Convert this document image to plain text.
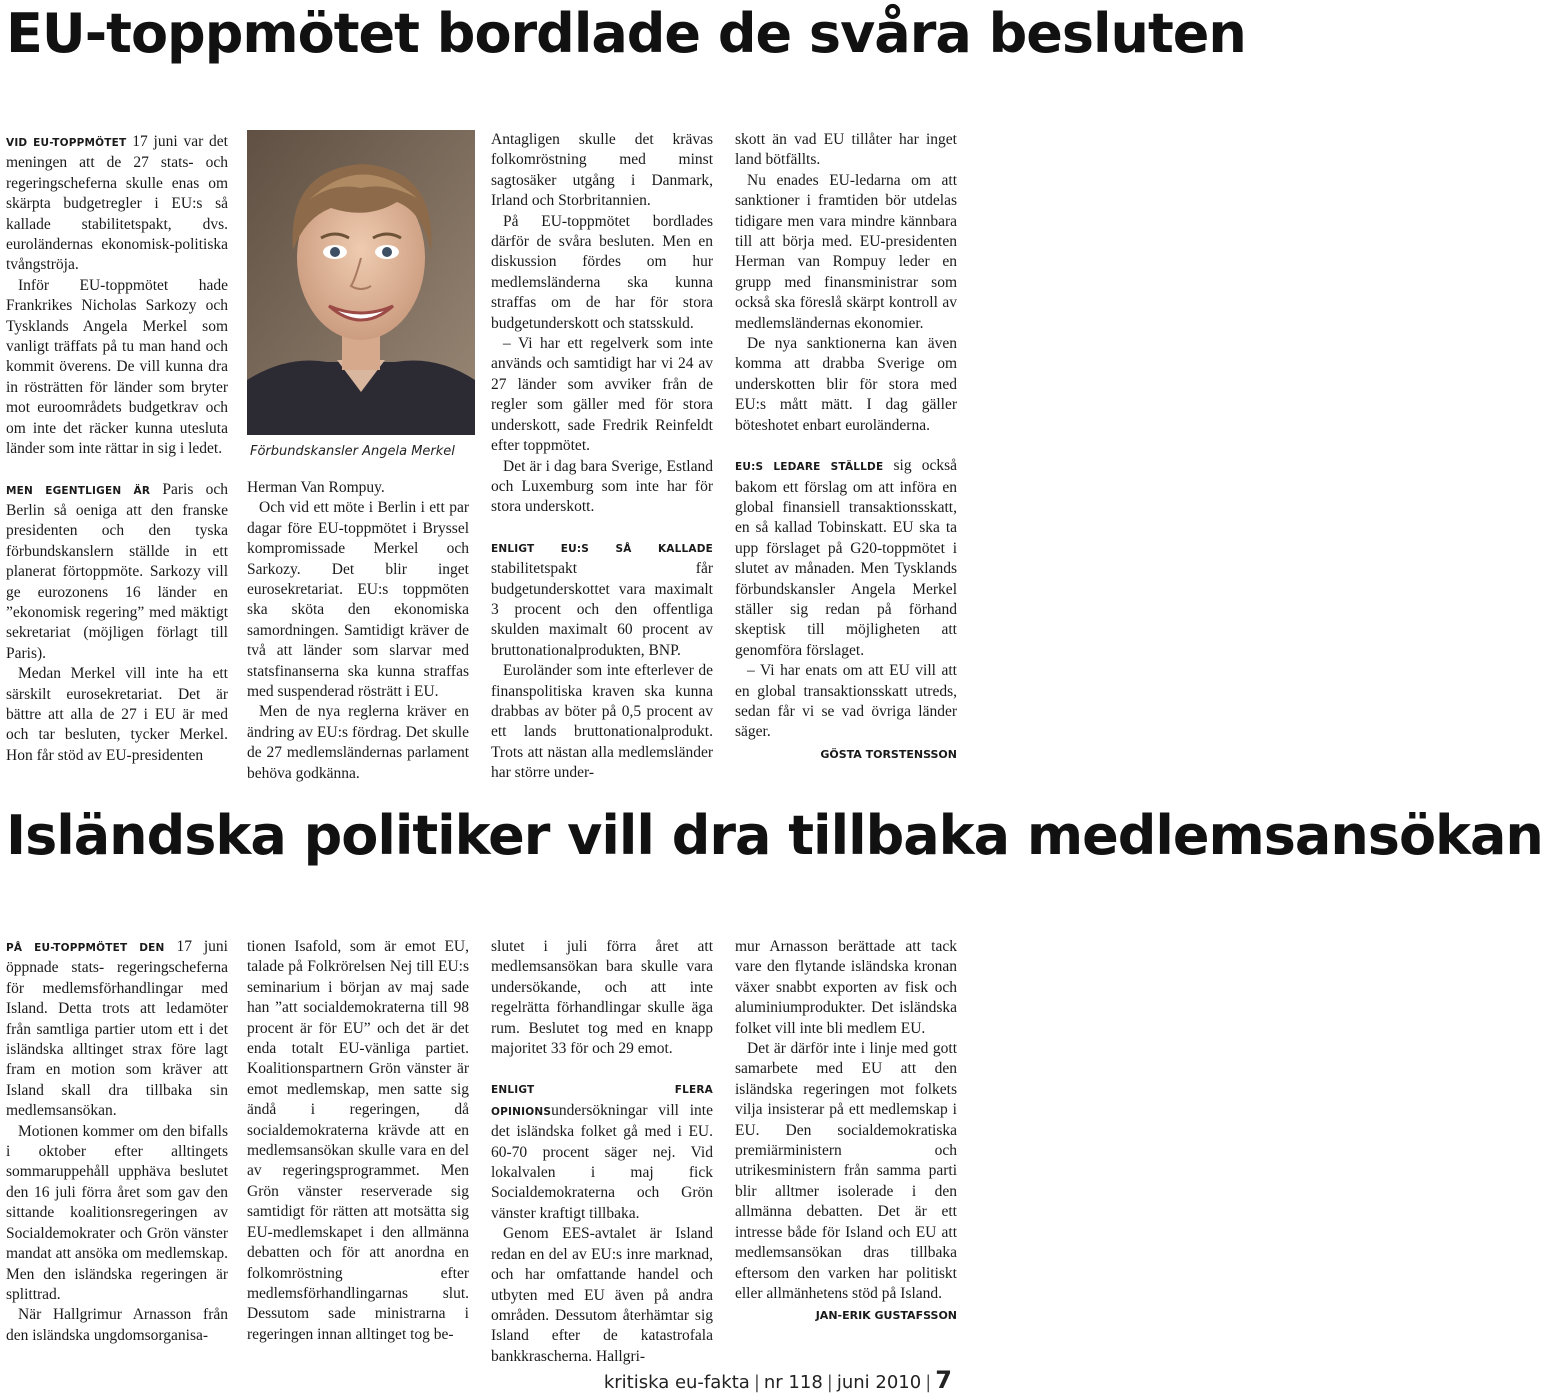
EU-toppmötet bordlade de svåra besluten

VID EU-TOPPMÖTET 17 juni var det meningen att de 27 stats- och regeringscheferna skulle enas om skärpta budgetregler i EU:s så kallade stabilitetspakt, dvs. euroländernas ekonomisk-politiska tvångströja.

Inför EU-toppmötet hade Frankrikes Nicholas Sarkozy och Tysklands Angela Merkel som vanligt träffats på tu man hand och kommit överens. De vill kunna dra in rösträtten för länder som bryter mot euroområdets budgetkrav och om inte det räcker kunna utesluta länder som inte rättar in sig i ledet.

MEN EGENTLIGEN ÄR Paris och Berlin så oeniga att den franske presidenten och den tyska förbundskanslern ställde in ett planerat förtoppmöte. Sarkozy vill ge eurozonens 16 länder en ”ekonomisk regering” med mäktigt sekretariat (möjligen förlagt till Paris).

Medan Merkel vill inte ha ett särskilt eurosekretariat. Det är bättre att alla de 27 i EU är med och tar besluten, tycker Merkel. Hon får stöd av EU-presidenten

Förbundskansler Angela Merkel

Herman Van Rompuy.

Och vid ett möte i Berlin i ett par dagar före EU-toppmötet i Bryssel kompromissade Merkel och Sarkozy. Det blir inget eurosekretariat. EU:s toppmöten ska sköta den ekonomiska samordningen. Samtidigt kräver de två att länder som slarvar med statsfinanserna ska kunna straffas med suspenderad rösträtt i EU.

Men de nya reglerna kräver en ändring av EU:s fördrag. Det skulle de 27 medlemsländernas parlament behöva godkänna.

Antagligen skulle det krävas folkomröstning med minst sagtosäker utgång i Danmark, Irland och Storbritannien.

På EU-toppmötet bordlades därför de svåra besluten. Men en diskussion fördes om hur medlemsländerna ska kunna straffas om de har för stora budgetunderskott och statsskuld.

– Vi har ett regelverk som inte används och samtidigt har vi 24 av 27 länder som avviker från de regler som gäller med för stora underskott, sade Fredrik Reinfeldt efter toppmötet.

Det är i dag bara Sverige, Estland och Luxemburg som inte har för stora underskott.

ENLIGT EU:S SÅ KALLADE stabilitetspakt får budgetunderskottet vara maximalt 3 procent och den offentliga skulden maximalt 60 procent av bruttonationalprodukten, BNP.

Euroländer som inte efterlever de finanspolitiska kraven ska kunna drabbas av böter på 0,5 procent av ett lands bruttonationalprodukt. Trots att nästan alla medlemsländer har större under-

skott än vad EU tillåter har inget land bötfällts.

Nu enades EU-ledarna om att sanktioner i framtiden bör utdelas tidigare men vara mindre kännbara till att börja med. EU-presidenten Herman van Rompuy leder en grupp med finansministrar som också ska föreslå skärpt kontroll av medlemsländernas ekonomier.

De nya sanktionerna kan även komma att drabba Sverige om underskotten blir för stora med EU:s mått mätt. I dag gäller böteshotet enbart euroländerna.

EU:S LEDARE STÄLLDE sig också bakom ett förslag om att införa en global finansiell transaktionsskatt, en så kallad Tobinskatt. EU ska ta upp förslaget på G20-toppmötet i slutet av månaden. Men Tysklands förbundskansler Angela Merkel ställer sig redan på förhand skeptisk till möjligheten att genomföra förslaget.

– Vi har enats om att EU vill att en global transaktionsskatt utreds, sedan får vi se vad övriga länder säger.

GÖSTA TORSTENSSON
Isländska politiker vill dra tillbaka medlemsansökan

PÅ EU-TOPPMÖTET DEN 17 juni öppnade stats- regeringscheferna för medlemsförhandlingar med Island. Detta trots att ledamöter från samtliga partier utom ett i det isländska alltinget strax före lagt fram en motion som kräver att Island skall dra tillbaka sin medlemsansökan.

Motionen kommer om den bifalls i oktober efter alltingets sommaruppehåll upphäva beslutet den 16 juli förra året som gav den sittande koalitionsregeringen av Socialdemokrater och Grön vänster mandat att ansöka om medlemskap. Men den isländska regeringen är splittrad.

När Hallgrimur Arnasson från den isländska ungdomsorganisa-

tionen Isafold, som är emot EU, talade på Folkrörelsen Nej till EU:s seminarium i början av maj sade han ”att socialdemokraterna till 98 procent är för EU” och det är det enda totalt EU-vänliga partiet. Koalitionspartnern Grön vänster är emot medlemskap, men satte sig ändå i regeringen, då socialdemokraterna krävde att en medlemsansökan skulle vara en del av regeringsprogrammet. Men Grön vänster reserverade sig samtidigt för rätten att motsätta sig EU-medlemskapet i den allmänna debatten och för att anordna en folkomröstning efter medlemsförhandlingarnas slut. Dessutom sade ministrarna i regeringen innan alltinget tog be-

slutet i juli förra året att medlemsansökan bara skulle vara undersökande, och att inte regelrätta förhandlingar skulle äga rum. Beslutet tog med en knapp majoritet 33 för och 29 emot.

ENLIGT FLERA OPINIONSundersökningar vill inte det isländska folket gå med i EU. 60-70 procent säger nej. Vid lokalvalen i maj fick Socialdemokraterna och Grön vänster kraftigt tillbaka.

Genom EES-avtalet är Island redan en del av EU:s inre marknad, och har omfattande handel och utbyten med EU även på andra områden. Dessutom återhämtar sig Island efter de katastrofala bankkrascherna. Hallgri-

mur Arnasson berättade att tack vare den flytande isländska kronan växer snabbt exporten av fisk och aluminiumprodukter. Det isländska folket vill inte bli medlem EU.

Det är därför inte i linje med gott samarbete med EU att den isländska regeringen mot folkets vilja insisterar på ett medlemskap i EU. Den socialdemokratiska premiärministern och utrikesministern från samma parti blir alltmer isolerade i den allmänna debatten. Det är ett intresse både för Island och EU att medlemsansökan dras tillbaka eftersom den varken har politiskt eller allmänhetens stöd på Island.

JAN-ERIK GUSTAFSSON
kritiska eu-fakta | nr 118 | juni 2010 | 7
